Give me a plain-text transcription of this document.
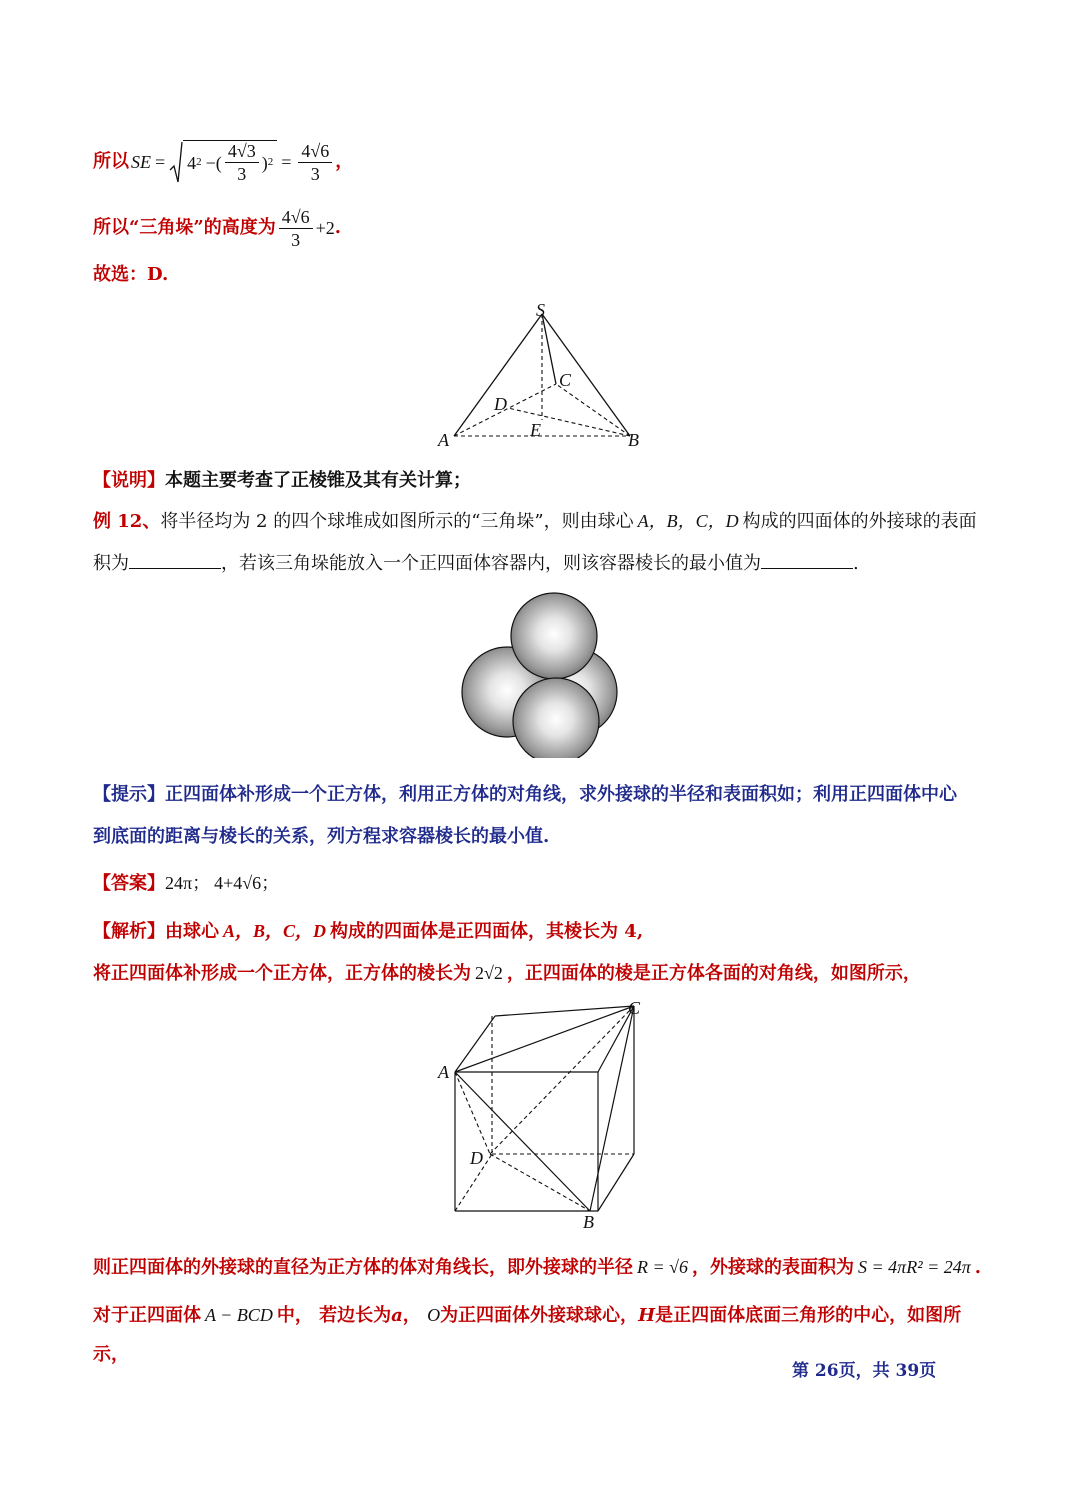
所以 SE = 4 2 −( $\frac{4√3}{3}$ ) $2 = \frac{4√6}{3}$ ，
所以“三角垛”的高度为 $\frac{4√6}{3} +2$ .
故选：D.
S
C
D
E
A	B
【说明】本题主要考查了正棱锥及其有关计算；
例 12、将半径均为 2 的四个球堆成如图所示的“三角垛”，则由球心 A，B，C，D 构成的四面体的外接球的表面
积为	，若该三角垛能放入一个正四面体容器内，则该容器棱长的最小值为	.
【提示】正四面体补形成一个正方体，利用正方体的对角线，求外接球的半径和表面积如；利用正四面体中心
到底面的距离与棱长的关系，列方程求容器棱长的最小值.
【答案】24π； 4+4√6；
【解析】由球心 A，B，C，D 构成的四面体是正四面体，其棱长为 4,
将正四面体补形成一个正方体，正方体的棱长为 2√2 ，正四面体的棱是正方体各面的对角线，如图所示，
A
C
D
B
则正四面体的外接球的直径为正方体的体对角线长，即外接球的半径 R = √6 ，外接球的表面积为 S = 4πR² = 24π .
对于正四面体 A − BCD 中， 若边长为a， O为正四面体外接球球心，H是正四面体底面三角形的中心，如图所
示，
第 26页，共 39页
